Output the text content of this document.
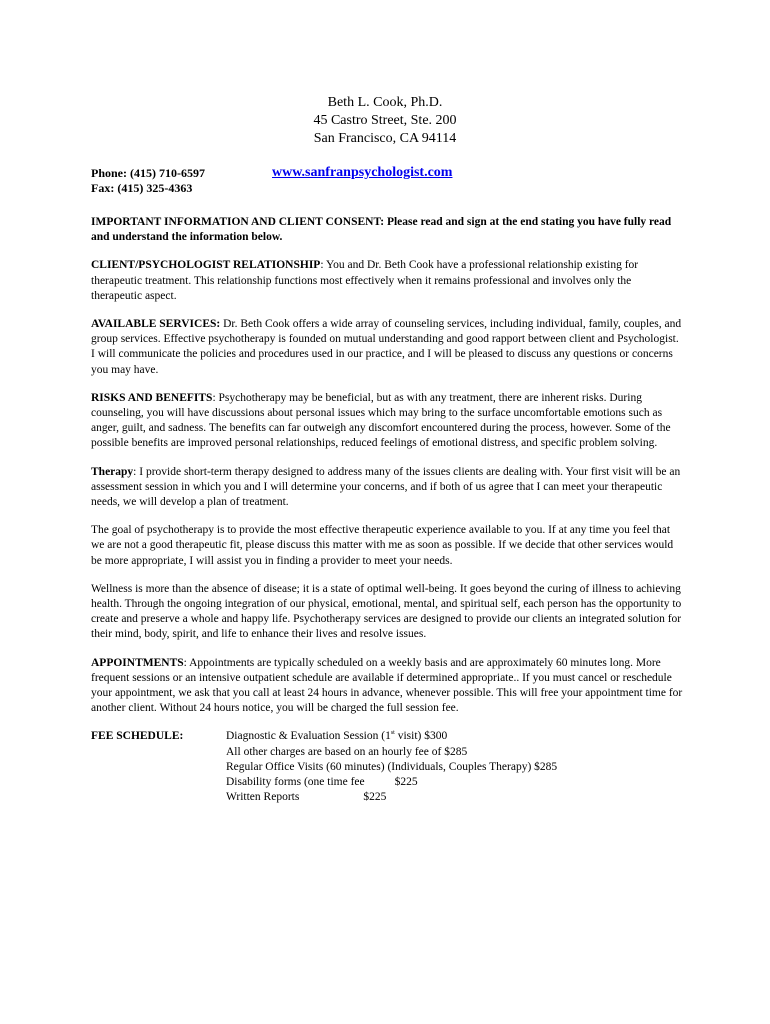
Beth L. Cook, Ph.D.
45 Castro Street, Ste. 200
San Francisco, CA 94114
Phone: (415) 710-6597
Fax: (415) 325-4363
www.sanfranpsychologist.com

IMPORTANT INFORMATION AND CLIENT CONSENT: Please read and sign at the end stating you have fully read and understand the information below.

CLIENT/PSYCHOLOGIST RELATIONSHIP: You and Dr. Beth Cook have a professional relationship existing for therapeutic treatment. This relationship functions most effectively when it remains professional and involves only the therapeutic aspect.

AVAILABLE SERVICES: Dr. Beth Cook offers a wide array of counseling services, including individual, family, couples, and group services. Effective psychotherapy is founded on mutual understanding and good rapport between client and Psychologist. I will communicate the policies and procedures used in our practice, and I will be pleased to discuss any questions or concerns you may have.

RISKS AND BENEFITS: Psychotherapy may be beneficial, but as with any treatment, there are inherent risks. During counseling, you will have discussions about personal issues which may bring to the surface uncomfortable emotions such as anger, guilt, and sadness. The benefits can far outweigh any discomfort encountered during the process, however. Some of the possible benefits are improved personal relationships, reduced feelings of emotional distress, and specific problem solving.

Therapy: I provide short-term therapy designed to address many of the issues clients are dealing with. Your first visit will be an assessment session in which you and I will determine your concerns, and if both of us agree that I can meet your therapeutic needs, we will develop a plan of treatment.

The goal of psychotherapy is to provide the most effective therapeutic experience available to you. If at any time you feel that we are not a good therapeutic fit, please discuss this matter with me as soon as possible. If we decide that other services would be more appropriate, I will assist you in finding a provider to meet your needs.

Wellness is more than the absence of disease; it is a state of optimal well-being. It goes beyond the curing of illness to achieving health. Through the ongoing integration of our physical, emotional, mental, and spiritual self, each person has the opportunity to create and preserve a whole and happy life. Psychotherapy services are designed to provide our clients an integrated solution for their mind, body, spirit, and life to enhance their lives and resolve issues.

APPOINTMENTS: Appointments are typically scheduled on a weekly basis and are approximately 60 minutes long. More frequent sessions or an intensive outpatient schedule are available if determined appropriate.. If you must cancel or reschedule your appointment, we ask that you call at least 24 hours in advance, whenever possible. This will free your appointment time for another client. Without 24 hours notice, you will be charged the full session fee.

FEE SCHEDULE:	Diagnostic & Evaluation Session (1st visit) $300
All other charges are based on an hourly fee of $285
Regular Office Visits (60 minutes) (Individuals, Couples Therapy) $285
Disability forms (one time fee	$225
Written Reports	$225
